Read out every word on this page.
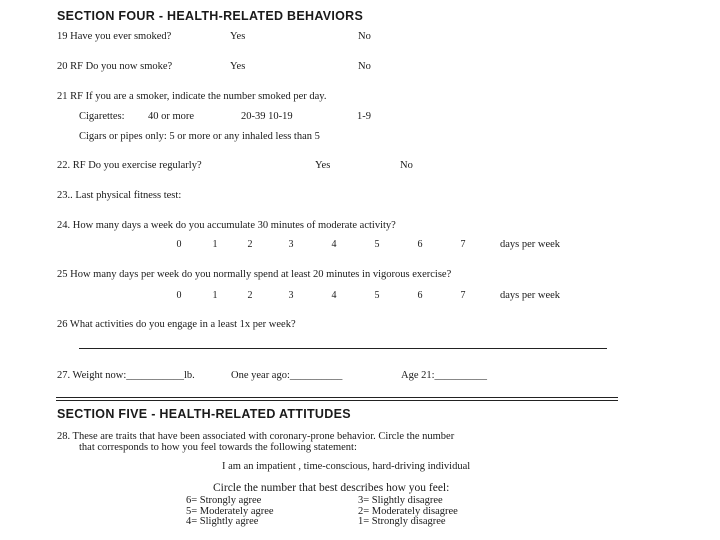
SECTION FOUR - HEALTH-RELATED BEHAVIORS
19 Have you ever smoked?	Yes	No
20 RF Do you now smoke?	Yes	No
21 RF If you are a smoker, indicate the number smoked per day.
Cigarettes: 40 or more	20-39 10-19	1-9
Cigars or pipes only: 5 or more or any inhaled less than 5
22. RF Do you exercise regularly?	Yes	No
23.. Last physical fitness test:
24. How many days a week do you accumulate 30 minutes of moderate activity?
0	1	2	3	4	5	6	7	days per week
25 How many days per week do you normally spend at least 20 minutes in vigorous exercise?
0	1	2	3	4	5	6	7	days per week
26 What activities do you engage in a least 1x per week?
27. Weight now:___________lb.	One year ago:__________	Age 21:__________
SECTION FIVE - HEALTH-RELATED ATTITUDES
28. These are traits that have been associated with coronary-prone behavior. Circle the number
that corresponds to how you feel towards the following statement:
I am an impatient , time-conscious, hard-driving individual
Circle the number that best describes how you feel:
6= Strongly agree
5= Moderately agree
4= Slightly agree
3= Slightly disagree
2= Moderately disagree
1= Strongly disagree
